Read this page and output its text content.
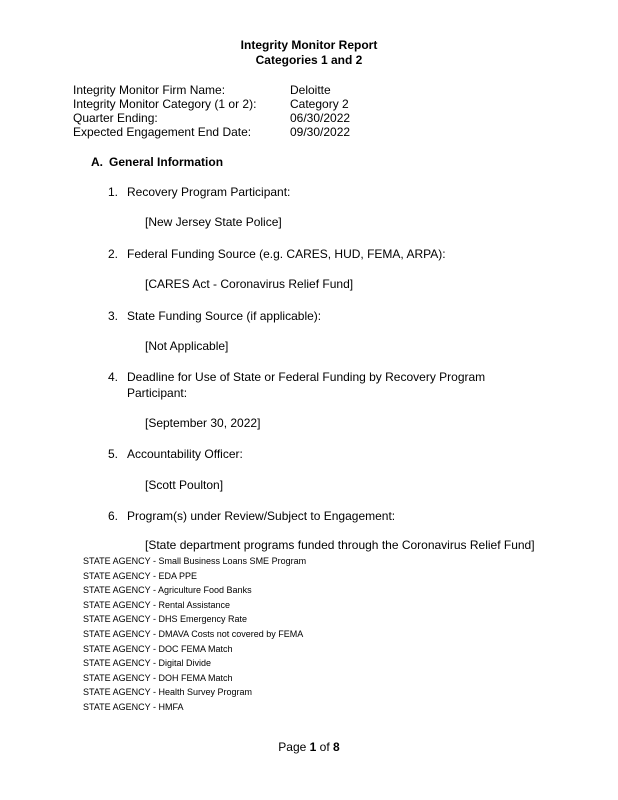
Integrity Monitor Report
Categories 1 and 2
Integrity Monitor Firm Name:	Deloitte
Integrity Monitor Category (1 or 2):	Category 2
Quarter Ending:	06/30/2022
Expected Engagement End Date:	09/30/2022
A. General Information
1. Recovery Program Participant:
[New Jersey State Police]
2. Federal Funding Source (e.g. CARES, HUD, FEMA, ARPA):
[CARES Act - Coronavirus Relief Fund]
3. State Funding Source (if applicable):
[Not Applicable]
4. Deadline for Use of State or Federal Funding by Recovery Program Participant:
[September 30, 2022]
5. Accountability Officer:
[Scott Poulton]
6. Program(s) under Review/Subject to Engagement:
[State department programs funded through the Coronavirus Relief Fund]
STATE AGENCY - Small Business Loans SME Program
STATE AGENCY - EDA PPE
STATE AGENCY - Agriculture Food Banks
STATE AGENCY - Rental Assistance
STATE AGENCY - DHS Emergency Rate
STATE AGENCY - DMAVA Costs not covered by FEMA
STATE AGENCY - DOC FEMA Match
STATE AGENCY - Digital Divide
STATE AGENCY - DOH FEMA Match
STATE AGENCY - Health Survey Program
STATE AGENCY - HMFA
Page 1 of 8
